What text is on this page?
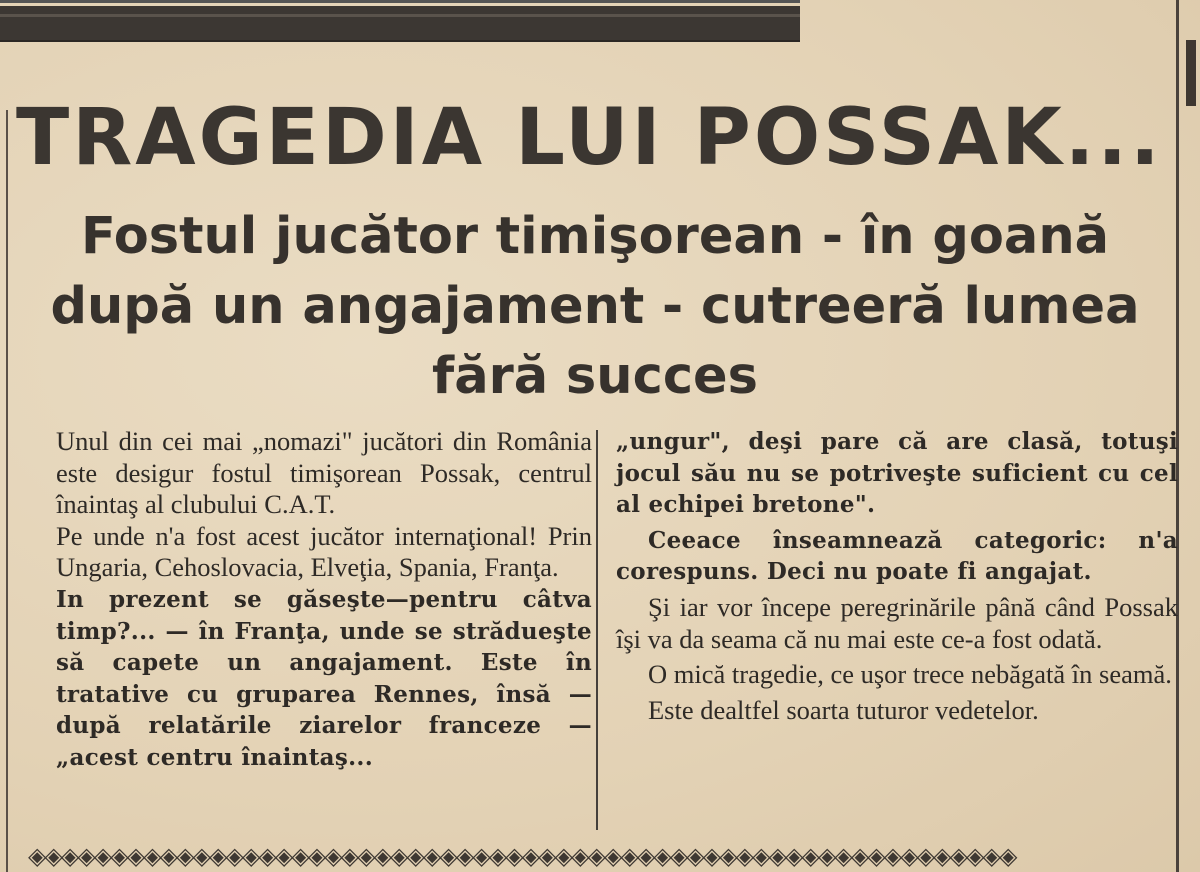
TRAGEDIA LUI POSSAK...
Fostul jucător timişorean - în goană după un angajament - cutreeră lumea fără succes

Unul din cei mai „nomazi" jucători din România este desigur fostul timişorean Possak, centrul înaintaş al clubului C.A.T.

Pe unde n'a fost acest jucător internaţional! Prin Ungaria, Cehoslovacia, Elveţia, Spania, Franţa.

In prezent se găseşte—pentru câtva timp?... — în Franţa, unde se strădueşte să capete un angajament. Este în tratative cu gruparea Rennes, însă — după relatările ziarelor franceze — „acest centru înaintaş...

„ungur", deşi pare că are clasă, totuşi jocul său nu se potriveşte suficient cu cel al echipei bretone".

Ceeace înseamnează categoric: n'a corespuns. Deci nu poate fi angajat.

Şi iar vor începe peregrinările până când Possak îşi va da seama că nu mai este ce-a fost odată.

O mică tragedie, ce uşor trece nebăgată în seamă.

Este dealtfel soarta tuturor vedetelor.

◈◈◈◈◈◈◈◈◈◈◈◈◈◈◈◈◈◈◈◈◈◈◈◈◈◈◈◈◈◈◈◈◈◈◈◈◈◈◈◈◈◈◈◈◈◈◈◈◈◈◈◈◈◈◈◈◈◈◈◈
